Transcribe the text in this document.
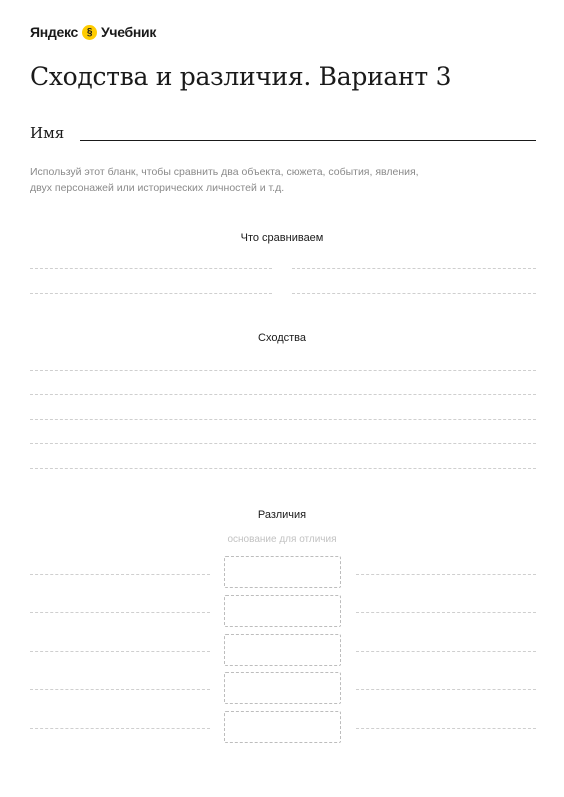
Яндекс § Учебник
Сходства и различия. Вариант 3
Имя
Используй этот бланк, чтобы сравнить два объекта, сюжета, события, явления, двух персонажей или исторических личностей и т.д.
Что сравниваем
Сходства
Различия
основание для отличия
